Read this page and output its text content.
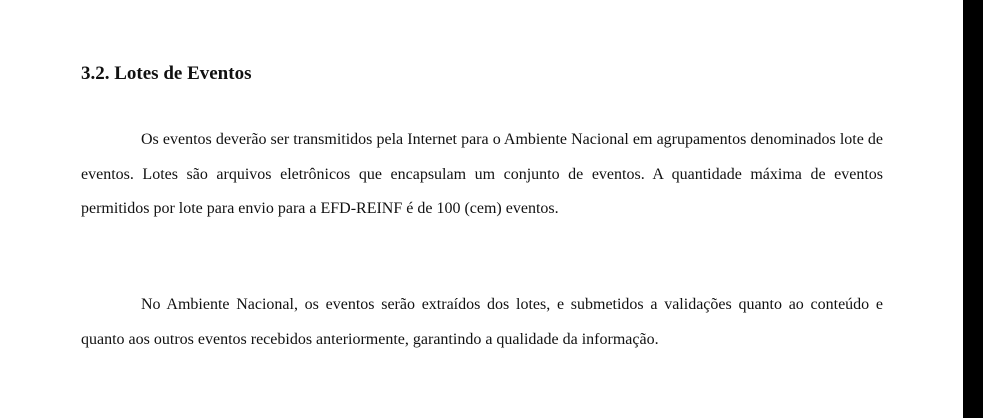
3.2. Lotes de Eventos

Os eventos deverão ser transmitidos pela Internet para o Ambiente Nacional em agrupamentos denominados lote de eventos. Lotes são arquivos eletrônicos que encapsulam um conjunto de eventos. A quantidade máxima de eventos permitidos por lote para envio para a EFD-REINF é de 100 (cem) eventos.

No Ambiente Nacional, os eventos serão extraídos dos lotes, e submetidos a validações quanto ao conteúdo e quanto aos outros eventos recebidos anteriormente, garantindo a qualidade da informação.
